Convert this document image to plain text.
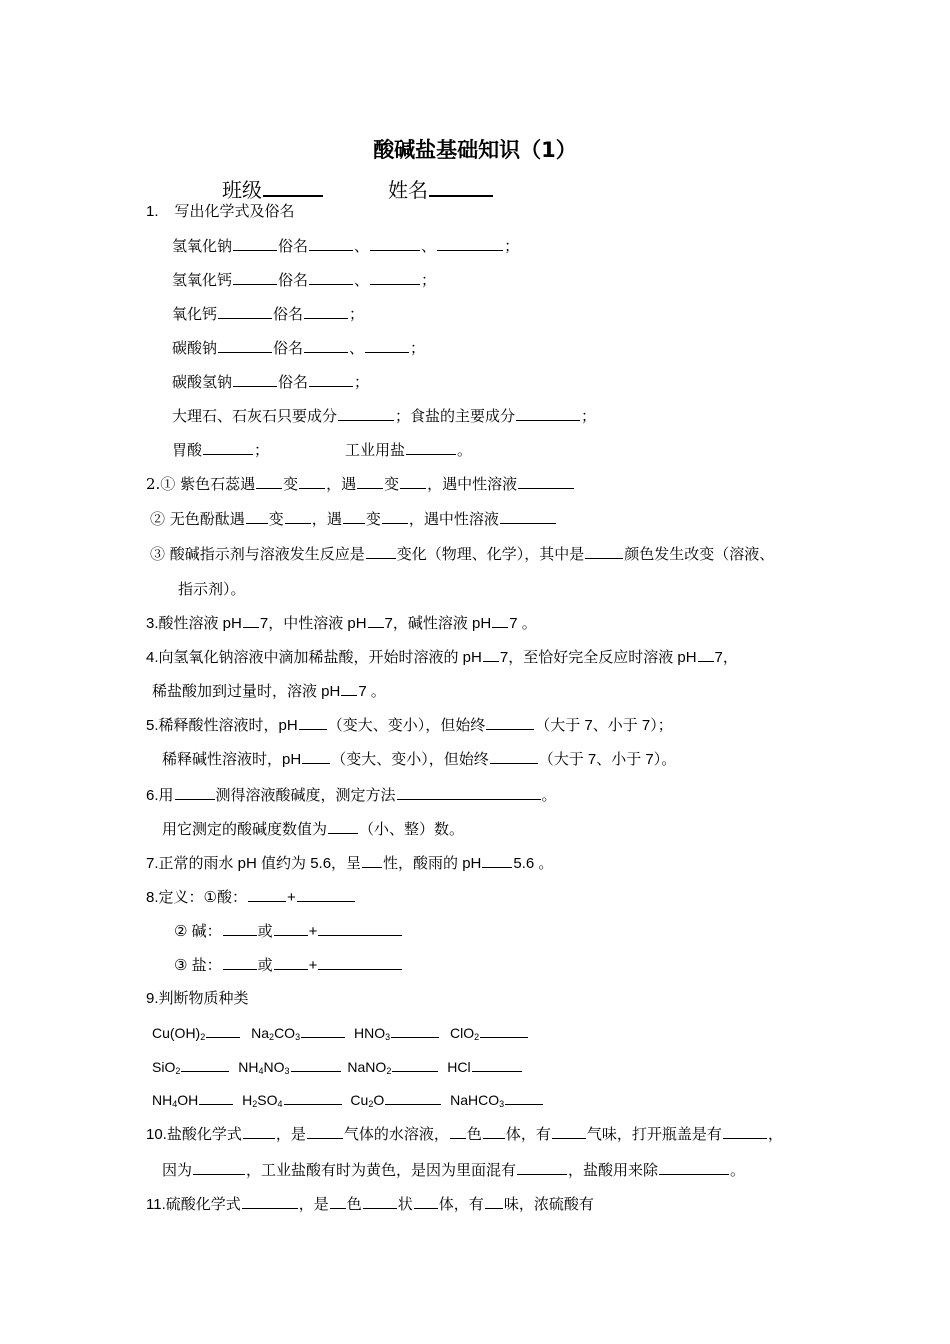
酸碱盐基础知识（1）
班级	姓名
1. 写出化学式及俗名
氢氧化钠	俗名	、	、	；
氢氧化钙	俗名	、	；
氧化钙	俗名	；
碳酸钠	俗名	、	；
碳酸氢钠	俗名	；
大理石、石灰石只要成分	；食盐的主要成分	；
胃酸	；	工业用盐	。
2.① 紫色石蕊遇 变 ，遇 变 ，遇中性溶液
② 无色酚酞遇 变 ，遇 变 ，遇中性溶液
③ 酸碱指示剂与溶液发生反应是 变化（物理、化学），其中是	颜色发生改变（溶液、
指示剂）。
3.酸性溶液 pH 7，中性溶液 pH 7，碱性溶液 pH 7 。
4.向氢氧化钠溶液中滴加稀盐酸，开始时溶液的 pH 7，至恰好完全反应时溶液 pH 7，
稀盐酸加到过量时，溶液 pH 7 。
5.稀释酸性溶液时，pH （变大、变小），但始终	（大于 7、小于 7）；
稀释碱性溶液时，pH （变大、变小），但始终	（大于 7、小于 7）。
6.用	测得溶液酸碱度，测定方法	。
用它测定的酸碱度数值为 （小、整）数。
7.正常的雨水 pH 值约为 5.6，呈 性，酸雨的 pH 5.6 。
8.定义：①酸：	+
② 碱： 或 +
③ 盐： 或 +
9.判断物质种类
$Cu(OH)_2$	$Na_2CO_3$	$HNO_3$	ClO$_2$
SiO$_2$	$NH_4NO_3$	NaNO$_2$	HCl
$NH_4OH$	$H_2SO_4$	$Cu_2O$	NaHCO$_3$
10.盐酸化学式 ，是	气体的水溶液， 色 体，有 气味，打开瓶盖是有	，
因为	，工业盐酸有时为黄色，是因为里面混有	，盐酸用来除	。
11.硫酸化学式	，是 色 状 体，有 味，浓硫酸有
